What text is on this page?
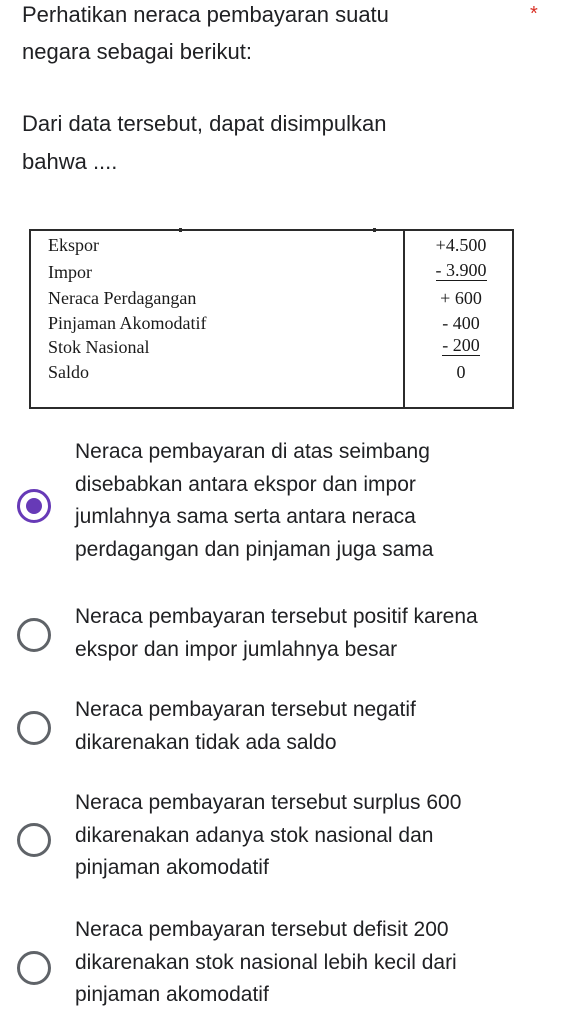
Perhatikan neraca pembayaran suatu
negara sebagai berikut:
Dari data tersebut, dapat disimpulkan
bahwa ....
*
Ekspor
Impor
Neraca Perdagangan
Pinjaman Akomodatif
Stok Nasional
Saldo
+4.500
- 3.900
+ 600
- 400
- 200
0
Neraca pembayaran di atas seimbang
disebabkan antara ekspor dan impor
jumlahnya sama serta antara neraca
perdagangan dan pinjaman juga sama
Neraca pembayaran tersebut positif karena
ekspor dan impor jumlahnya besar
Neraca pembayaran tersebut negatif
dikarenakan tidak ada saldo
Neraca pembayaran tersebut surplus 600
dikarenakan adanya stok nasional dan
pinjaman akomodatif
Neraca pembayaran tersebut defisit 200
dikarenakan stok nasional lebih kecil dari
pinjaman akomodatif
